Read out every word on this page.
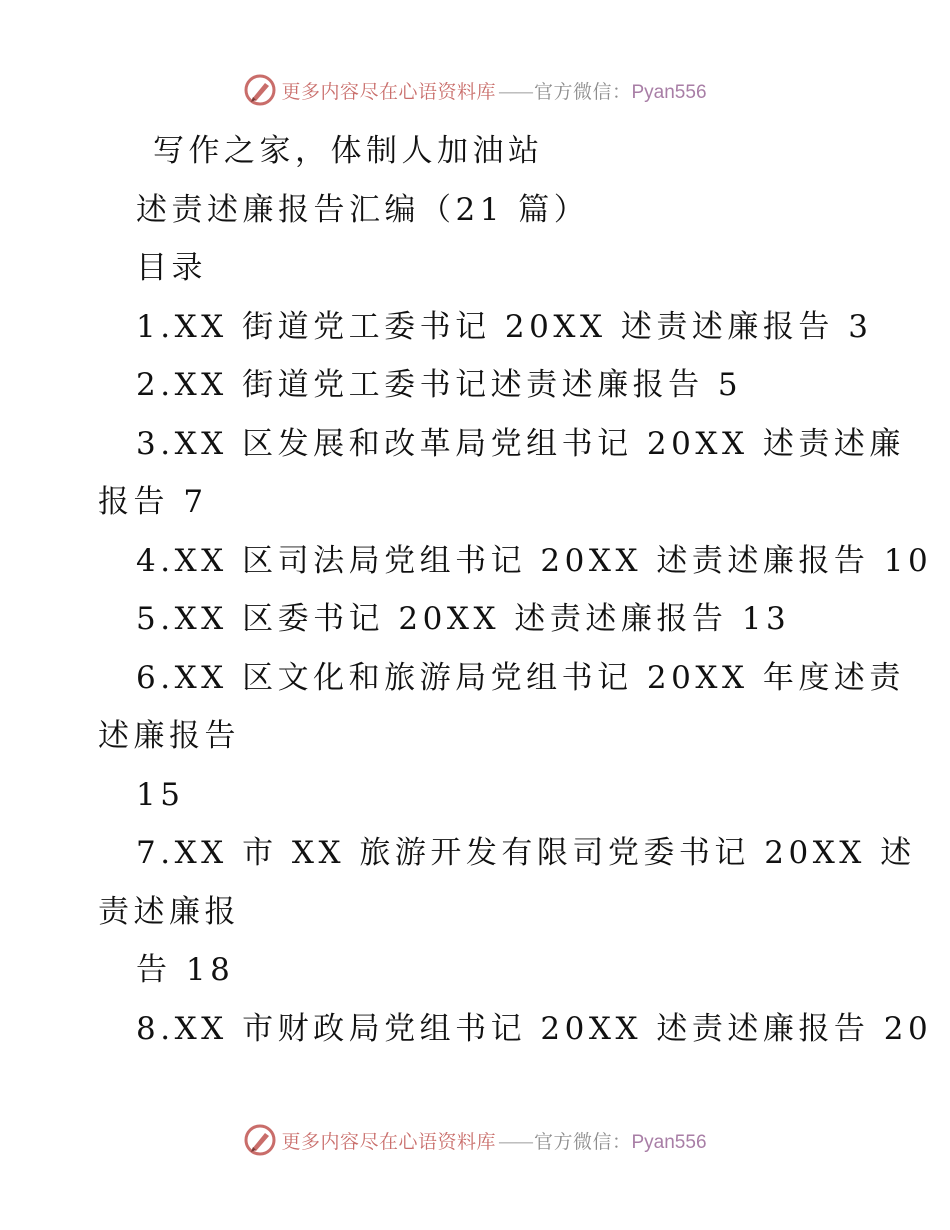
更多内容尽在心语资料库 —— 官方微信：Pyan556
写作之家，体制人加油站
述责述廉报告汇编（21 篇）
目录
1.XX 街道党工委书记 20XX 述责述廉报告 3
2.XX 街道党工委书记述责述廉报告 5
3.XX 区发展和改革局党组书记 20XX 述责述廉
报告 7
4.XX 区司法局党组书记 20XX 述责述廉报告 10
5.XX 区委书记 20XX 述责述廉报告 13
6.XX 区文化和旅游局党组书记 20XX 年度述责
述廉报告
15
7.XX 市 XX 旅游开发有限司党委书记 20XX 述
责述廉报
告 18
8.XX 市财政局党组书记 20XX 述责述廉报告 20
更多内容尽在心语资料库 —— 官方微信：Pyan556
